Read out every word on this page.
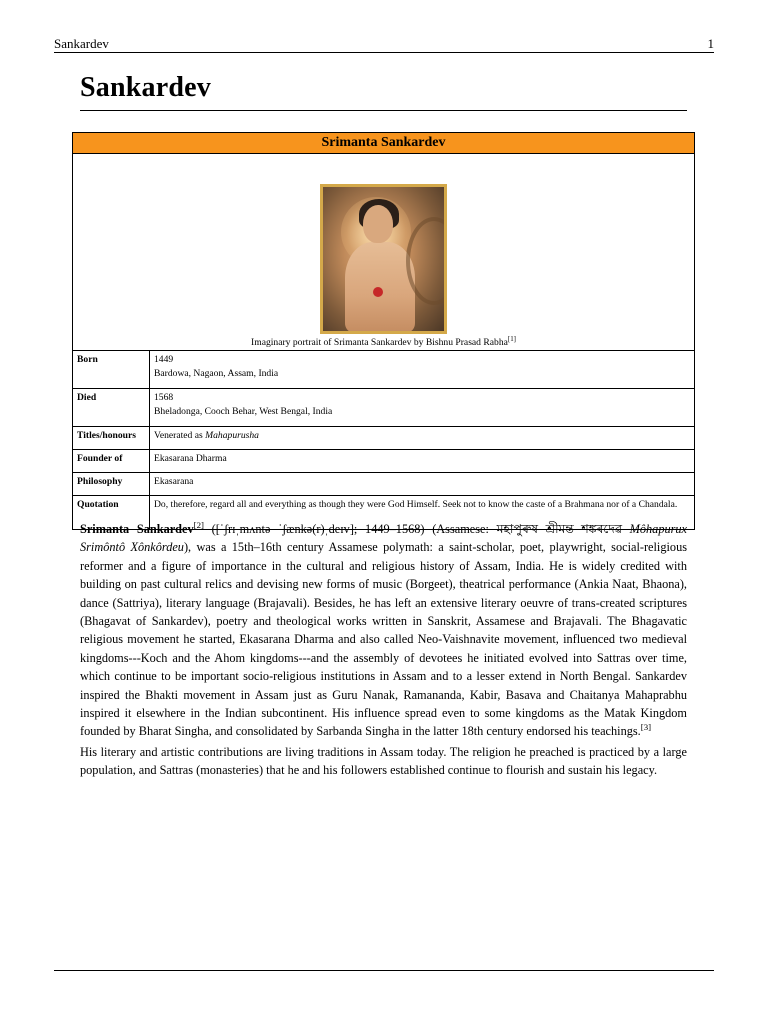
Sankardev	1
Sankardev
Srimanta Sankardev	

Imaginary portrait of Srimanta Sankardev by Bishnu Prasad Rabha[1]

Born	1449
Bardowa, Nagaon, Assam, India

Died	1568
Bheladonga, Cooch Behar, West Bengal, India

Titles/honours	Venerated as Mahapurusha
Founder of	Ekasarana Dharma
Philosophy	Ekasarana
Quotation	Do, therefore, regard all and everything as though they were God Himself. Seek not to know the caste of a Brahmana nor of a Chandala.

Srimanta Sankardev[2] ([ˈʃrɪˌmʌntə ˈʃænkə(r)ˌdeɪv]; 1449–1568) (Assamese: মহাপুৰুষ শ্ৰীমন্ত শঙ্কৰদেৱ Môhapurux Srimôntô Xônkôrdeu), was a 15th–16th century Assamese polymath: a saint-scholar, poet, playwright, social-religious reformer and a figure of importance in the cultural and religious history of Assam, India. He is widely credited with building on past cultural relics and devising new forms of music (Borgeet), theatrical performance (Ankia Naat, Bhaona), dance (Sattriya), literary language (Brajavali). Besides, he has left an extensive literary oeuvre of trans-created scriptures (Bhagavat of Sankardev), poetry and theological works written in Sanskrit, Assamese and Brajavali. The Bhagavatic religious movement he started, Ekasarana Dharma and also called Neo-Vaishnavite movement, influenced two medieval kingdoms---Koch and the Ahom kingdoms---and the assembly of devotees he initiated evolved into Sattras over time, which continue to be important socio-religious institutions in Assam and to a lesser extend in North Bengal. Sankardev inspired the Bhakti movement in Assam just as Guru Nanak, Ramananda, Kabir, Basava and Chaitanya Mahaprabhu inspired it elsewhere in the Indian subcontinent. His influence spread even to some kingdoms as the Matak Kingdom founded by Bharat Singha, and consolidated by Sarbanda Singha in the latter 18th century endorsed his teachings.[3]

His literary and artistic contributions are living traditions in Assam today. The religion he preached is practiced by a large population, and Sattras (monasteries) that he and his followers established continue to flourish and sustain his legacy.
